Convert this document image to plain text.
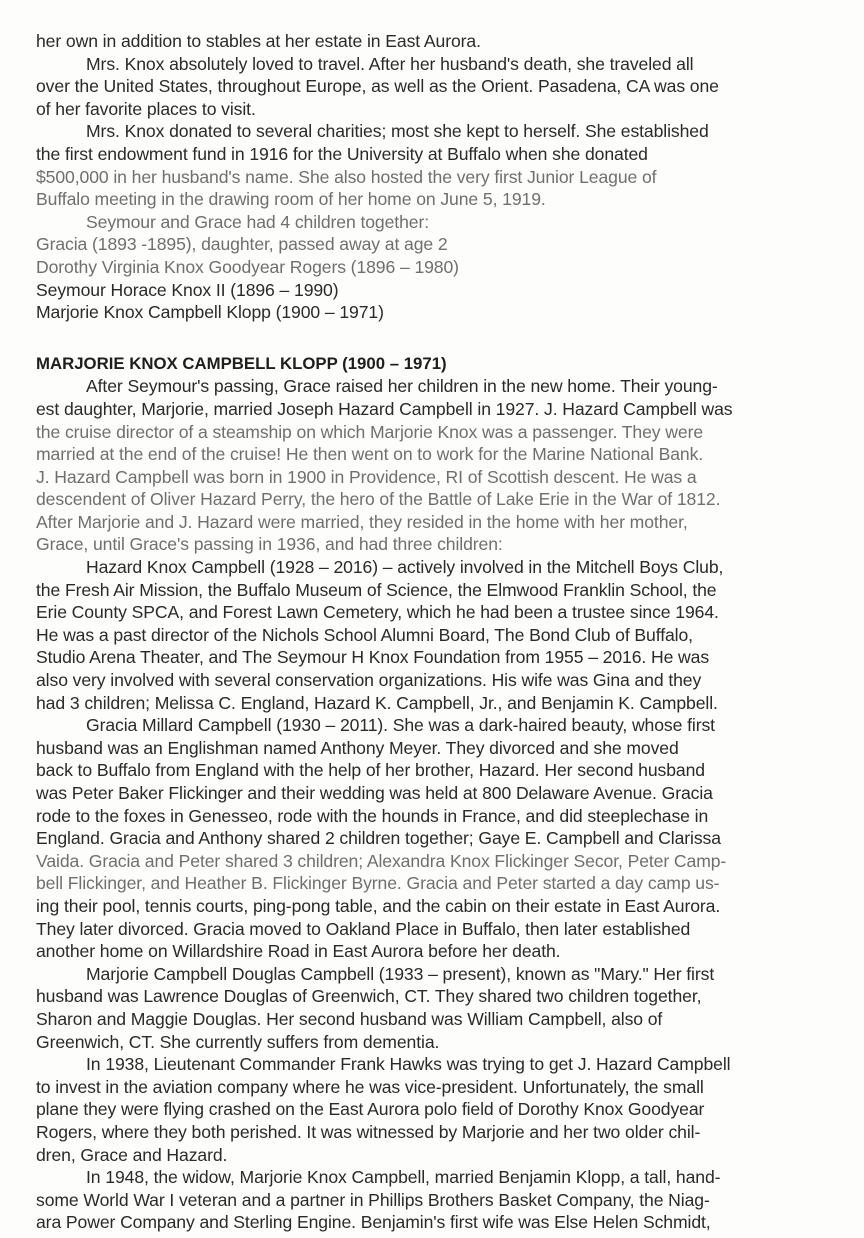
her own in addition to stables at her estate in East Aurora.

Mrs. Knox absolutely loved to travel. After her husband's death, she traveled all
over the United States, throughout Europe, as well as the Orient. Pasadena, CA was one
of her favorite places to visit.

Mrs. Knox donated to several charities; most she kept to herself. She established
the first endowment fund in 1916 for the University at Buffalo when she donated
$500,000 in her husband's name. She also hosted the very first Junior League of
Buffalo meeting in the drawing room of her home on June 5, 1919.

Seymour and Grace had 4 children together:

Gracia (1893 -1895), daughter, passed away at age 2
Dorothy Virginia Knox Goodyear Rogers (1896 – 1980)
Seymour Horace Knox II (1896 – 1990)
Marjorie Knox Campbell Klopp (1900 – 1971)

MARJORIE KNOX CAMPBELL KLOPP (1900 – 1971)

After Seymour's passing, Grace raised her children in the new home. Their young-
est daughter, Marjorie, married Joseph Hazard Campbell in 1927. J. Hazard Campbell was
the cruise director of a steamship on which Marjorie Knox was a passenger. They were
married at the end of the cruise! He then went on to work for the Marine National Bank.
J. Hazard Campbell was born in 1900 in Providence, RI of Scottish descent. He was a
descendent of Oliver Hazard Perry, the hero of the Battle of Lake Erie in the War of 1812.
After Marjorie and J. Hazard were married, they resided in the home with her mother,
Grace, until Grace's passing in 1936, and had three children:

Hazard Knox Campbell (1928 – 2016) – actively involved in the Mitchell Boys Club,
the Fresh Air Mission, the Buffalo Museum of Science, the Elmwood Franklin School, the
Erie County SPCA, and Forest Lawn Cemetery, which he had been a trustee since 1964.
He was a past director of the Nichols School Alumni Board, The Bond Club of Buffalo,
Studio Arena Theater, and The Seymour H Knox Foundation from 1955 – 2016. He was
also very involved with several conservation organizations. His wife was Gina and they
had 3 children; Melissa C. England, Hazard K. Campbell, Jr., and Benjamin K. Campbell.

Gracia Millard Campbell (1930 – 2011). She was a dark-haired beauty, whose first
husband was an Englishman named Anthony Meyer. They divorced and she moved
back to Buffalo from England with the help of her brother, Hazard. Her second husband
was Peter Baker Flickinger and their wedding was held at 800 Delaware Avenue. Gracia
rode to the foxes in Genesseo, rode with the hounds in France, and did steeplechase in
England. Gracia and Anthony shared 2 children together; Gaye E. Campbell and Clarissa
Vaida. Gracia and Peter shared 3 children; Alexandra Knox Flickinger Secor, Peter Camp-
bell Flickinger, and Heather B. Flickinger Byrne. Gracia and Peter started a day camp us-
ing their pool, tennis courts, ping-pong table, and the cabin on their estate in East Aurora.
They later divorced. Gracia moved to Oakland Place in Buffalo, then later established
another home on Willardshire Road in East Aurora before her death.

Marjorie Campbell Douglas Campbell (1933 – present), known as "Mary." Her first
husband was Lawrence Douglas of Greenwich, CT. They shared two children together,
Sharon and Maggie Douglas. Her second husband was William Campbell, also of
Greenwich, CT. She currently suffers from dementia.

In 1938, Lieutenant Commander Frank Hawks was trying to get J. Hazard Campbell
to invest in the aviation company where he was vice-president. Unfortunately, the small
plane they were flying crashed on the East Aurora polo field of Dorothy Knox Goodyear
Rogers, where they both perished. It was witnessed by Marjorie and her two older chil-
dren, Grace and Hazard.

In 1948, the widow, Marjorie Knox Campbell, married Benjamin Klopp, a tall, hand-
some World War I veteran and a partner in Phillips Brothers Basket Company, the Niag-
ara Power Company and Sterling Engine. Benjamin's first wife was Else Helen Schmidt,
